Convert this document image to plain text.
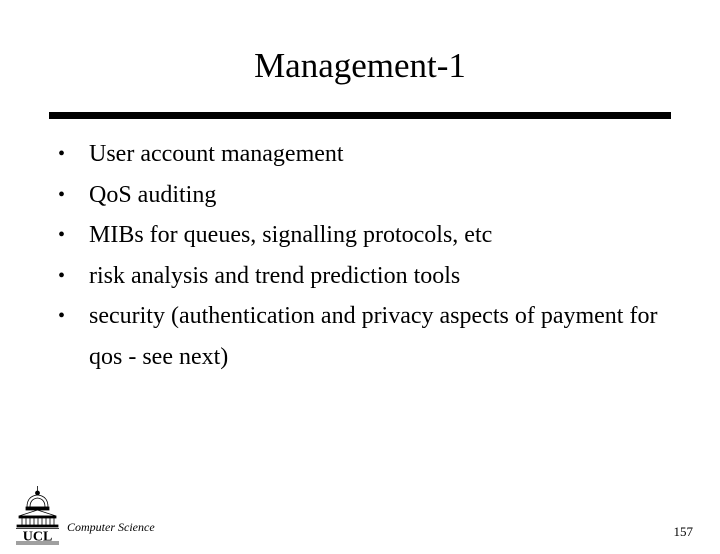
Management-1
• User account management
• QoS auditing
• MIBs for queues, signalling protocols, etc
• risk analysis and trend prediction tools
• security (authentication and privacy aspects of payment for qos - see next)
UCL
Computer Science	157
